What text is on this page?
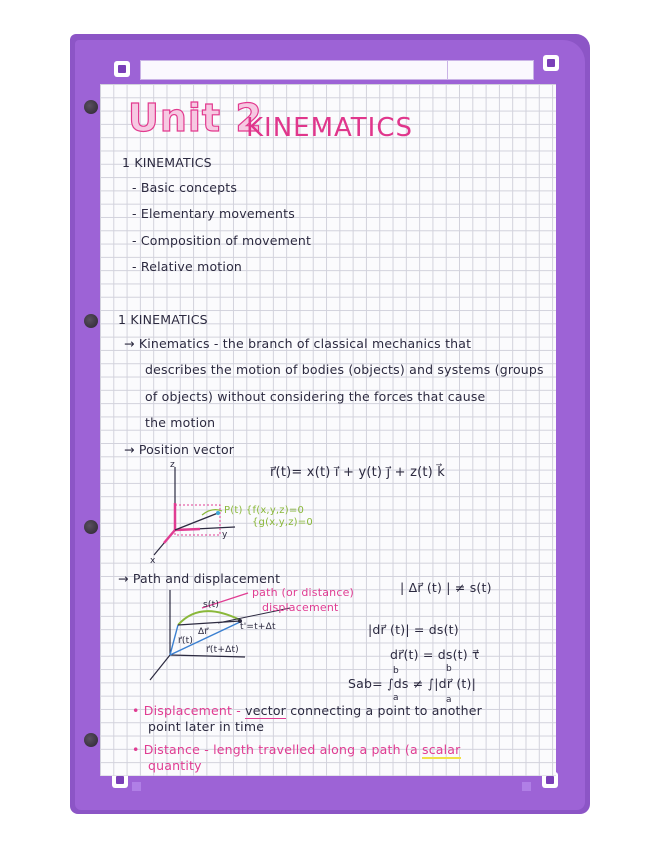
Unit 2
KINEMATICS
1 KINEMATICS
- Basic concepts
- Elementary movements
- Composition of movement
- Relative motion
1 KINEMATICS
→ Kinematics - the branch of classical mechanics that
describes the motion of bodies (objects) and systems (groups
of objects) without considering the forces that cause
the motion
→ Position vector
r⃗(t)= x(t) i⃗ + y(t) j⃗ + z(t) k⃗
z
y
x
P(t) {f(x,y,z)=0
{g(x,y,z)=0
→ Path and displacement
path (or distance)
displacement
s(t)
r⃗(t)
Δr⃗
r⃗(t+Δt)
t'=t+Δt
| Δr⃗ (t) | ≠ s(t)
|dr⃗ (t)| = ds(t)
dr⃗(t) = ds(t) τ⃗
Sab= ∫ds ≠ ∫|dr⃗ (t)|
a
b	b
a
• Displacement - vector connecting a point to another
point later in time
• Distance - length travelled along a path (a scalar
quantity
